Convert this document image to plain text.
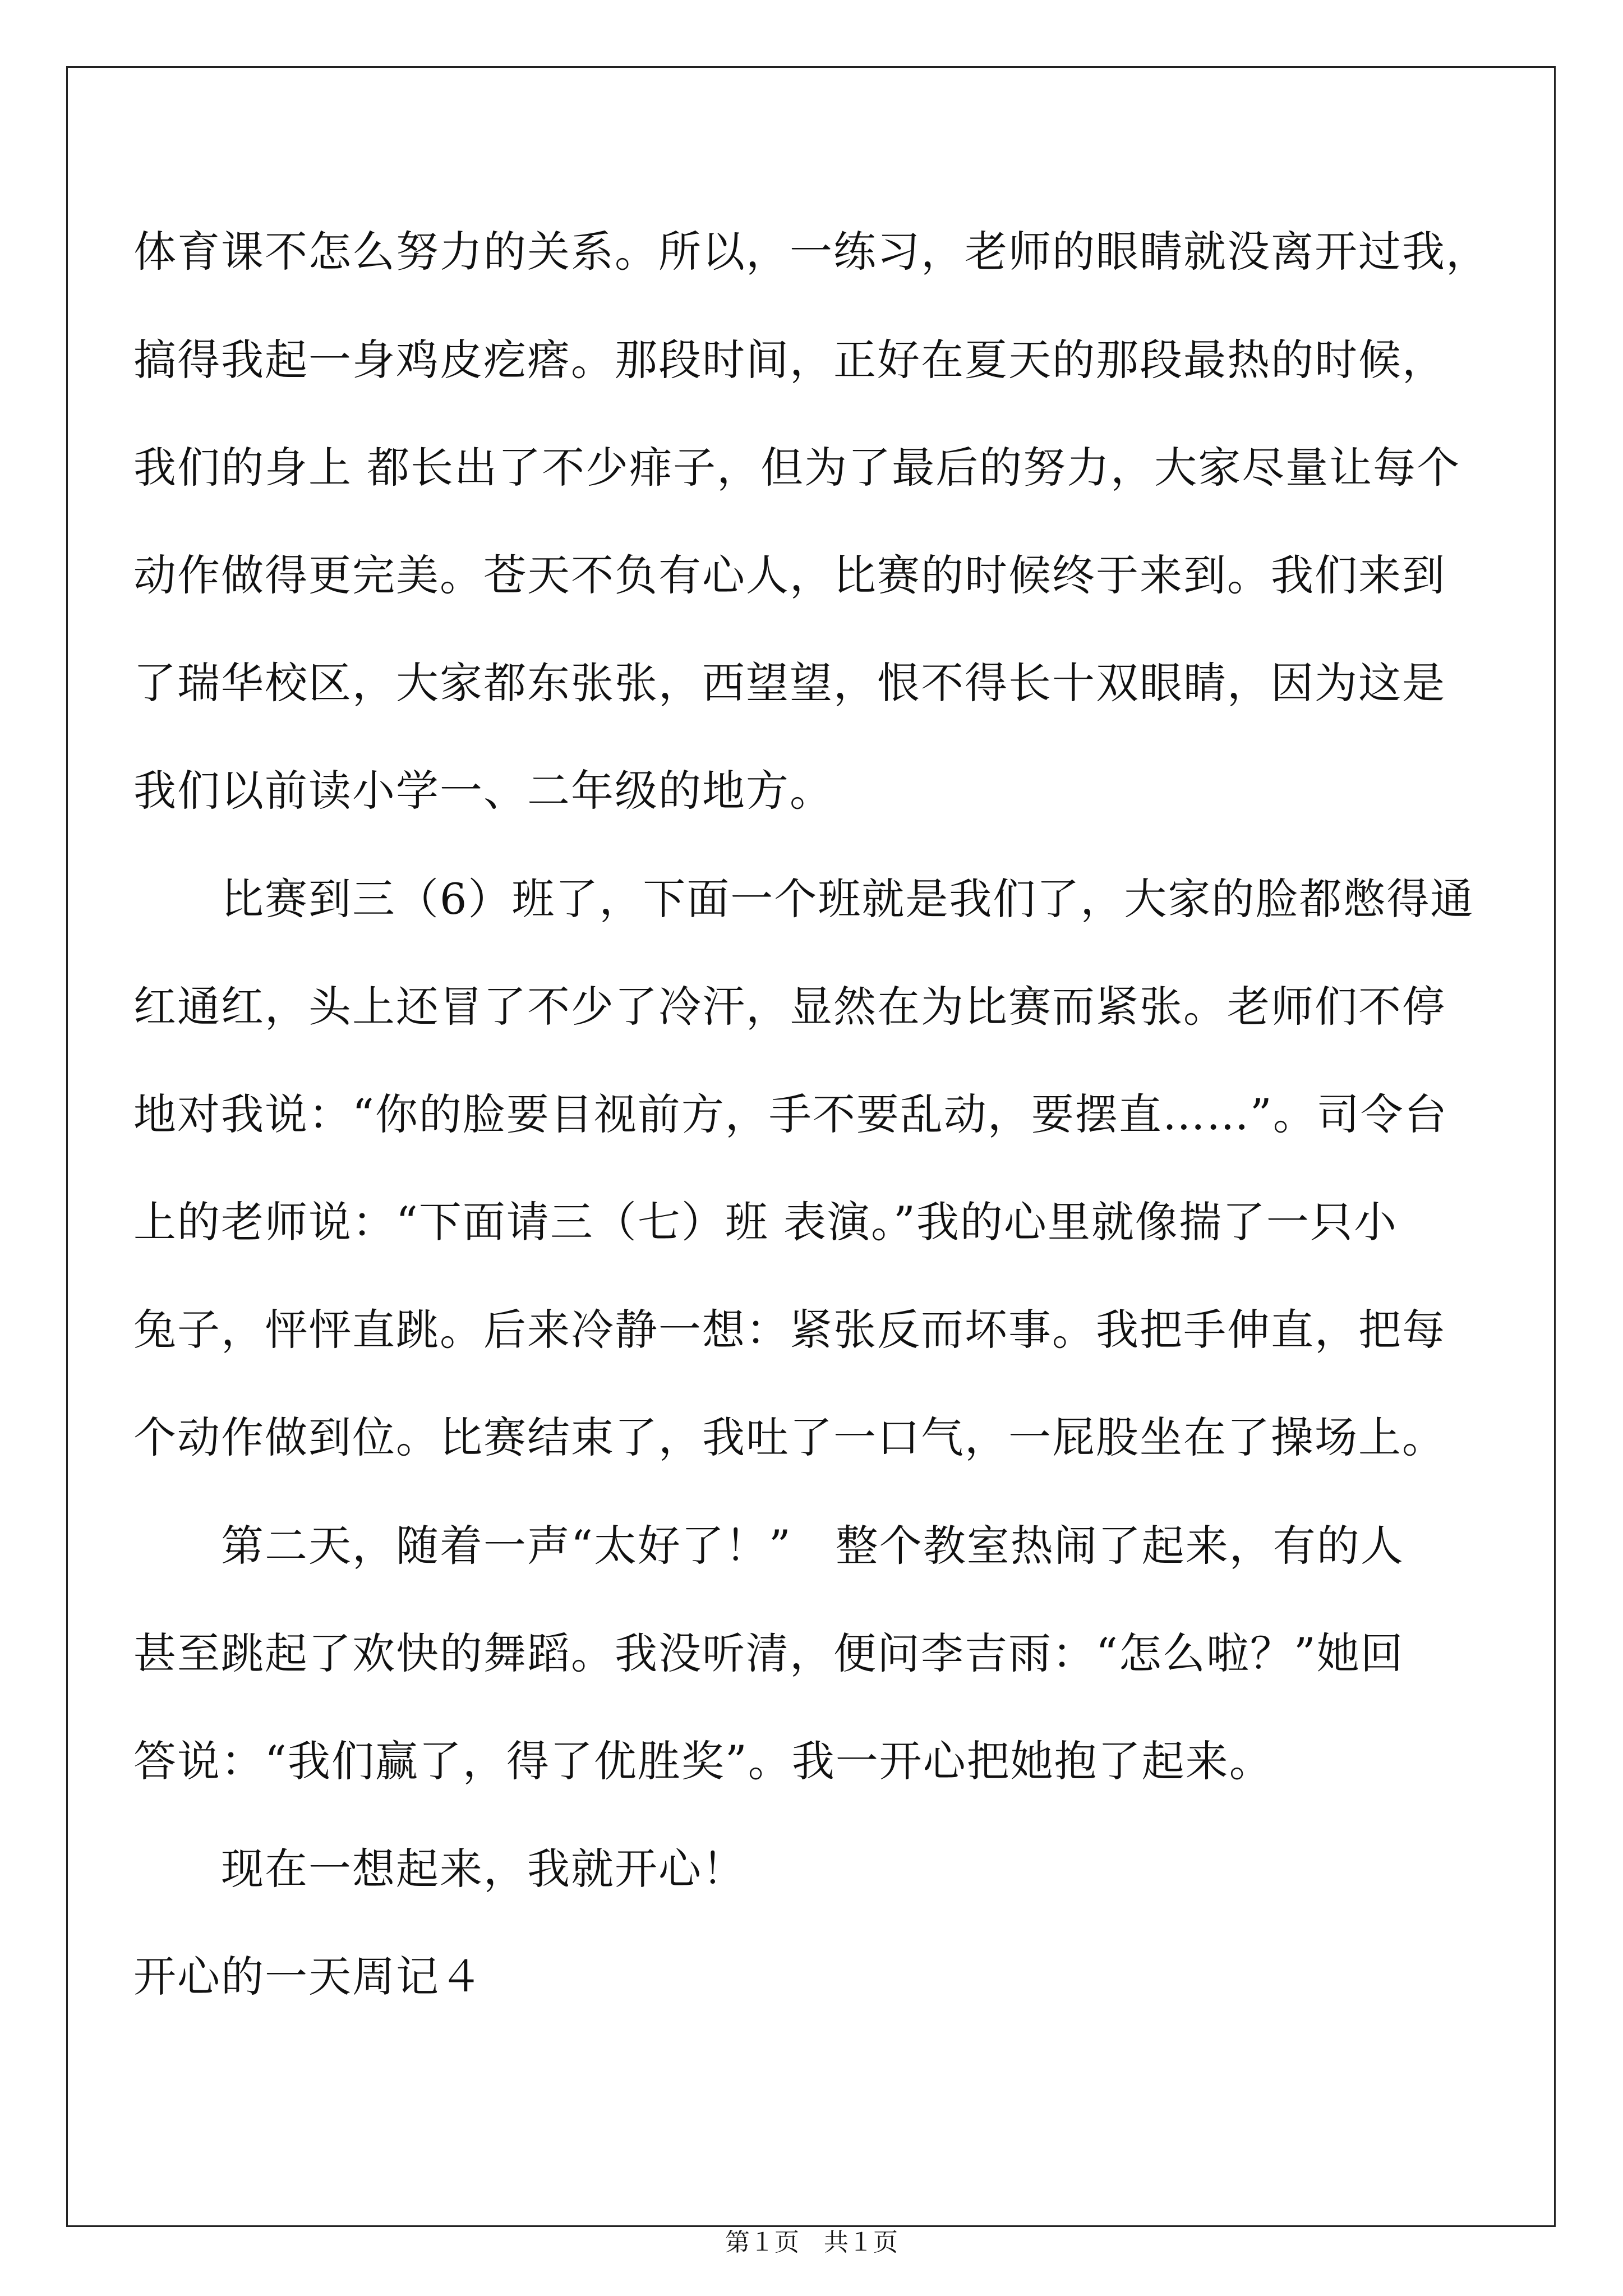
体育课不怎么努力的关系。所以，一练习，老师的眼睛就没离开过我，
搞得我起一身鸡皮疙瘩。那段时间，正好在夏天的那段最热的时候，
我们的身上 都长出了不少痱子，但为了最后的努力，大家尽量让每个
动作做得更完美。苍天不负有心人，比赛的时候终于来到。我们来到
了瑞华校区，大家都东张张，西望望，恨不得长十双眼睛，因为这是
我们以前读小学一、二年级的地方。
　　比赛到三（6）班了，下面一个班就是我们了，大家的脸都憋得通
红通红，头上还冒了不少了冷汗，显然在为比赛而紧张。老师们不停
地对我说：“你的脸要目视前方，手不要乱动，要摆直……”。司令台
上的老师说：“下面请三（七）班 表演。”我的心里就像揣了一只小
兔子，怦怦直跳。后来冷静一想：紧张反而坏事。我把手伸直，把每
个动作做到位。比赛结束了，我吐了一口气，一屁股坐在了操场上。
　　第二天，随着一声“太好了！”　整个教室热闹了起来，有的人
甚至跳起了欢快的舞蹈。我没听清，便问李吉雨：“怎么啦？”她回
答说：“我们赢了，得了优胜奖”。我一开心把她抱了起来。
　　现在一想起来，我就开心！
开心的一天周记４
第１页　共１页
